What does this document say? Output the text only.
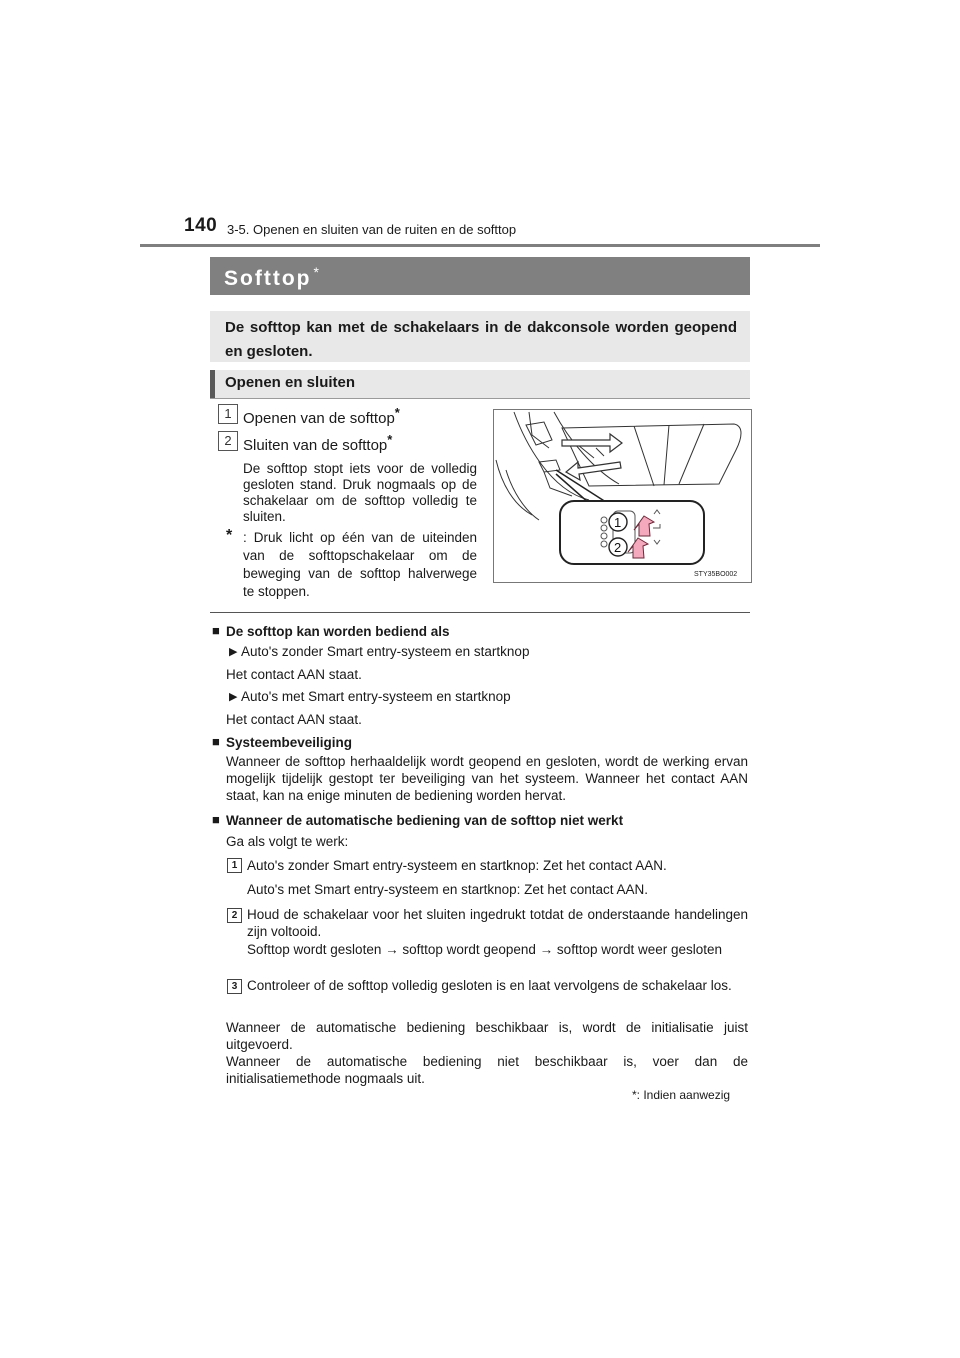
140 3-5. Openen en sluiten van de ruiten en de softtop
Softtop *
De softtop kan met de schakelaars in de dakconsole worden geopend en gesloten.
Openen en sluiten
1 Openen van de softtop*
2 Sluiten van de softtop*
De softtop stopt iets voor de volledig gesloten stand. Druk nogmaals op de schakelaar om de softtop volledig te sluiten.
* : Druk licht op één van de uiteinden van de softtopschakelaar om de beweging van de softtop halverwege te stoppen.
1
2
STY35BO002
■ De softtop kan worden bediend als
▶ Auto's zonder Smart entry-systeem en startknop
Het contact AAN staat.
▶ Auto's met Smart entry-systeem en startknop
Het contact AAN staat.
■ Systeembeveiliging
Wanneer de softtop herhaaldelijk wordt geopend en gesloten, wordt de werking ervan mogelijk tijdelijk gestopt ter beveiliging van het systeem. Wanneer het contact AAN staat, kan na enige minuten de bediening worden hervat.
■ Wanneer de automatische bediening van de softtop niet werkt
Ga als volgt te werk:
1 Auto's zonder Smart entry-systeem en startknop: Zet het contact AAN.
Auto's met Smart entry-systeem en startknop: Zet het contact AAN.
2 Houd de schakelaar voor het sluiten ingedrukt totdat de onderstaande handelingen zijn voltooid.
Softtop wordt gesloten → softtop wordt geopend → softtop wordt weer gesloten
3 Controleer of de softtop volledig gesloten is en laat vervolgens de schakelaar los.
Wanneer de automatische bediening beschikbaar is, wordt de initialisatie juist uitgevoerd.
Wanneer de automatische bediening niet beschikbaar is, voer dan de initialisatiemethode nogmaals uit.
*: Indien aanwezig
